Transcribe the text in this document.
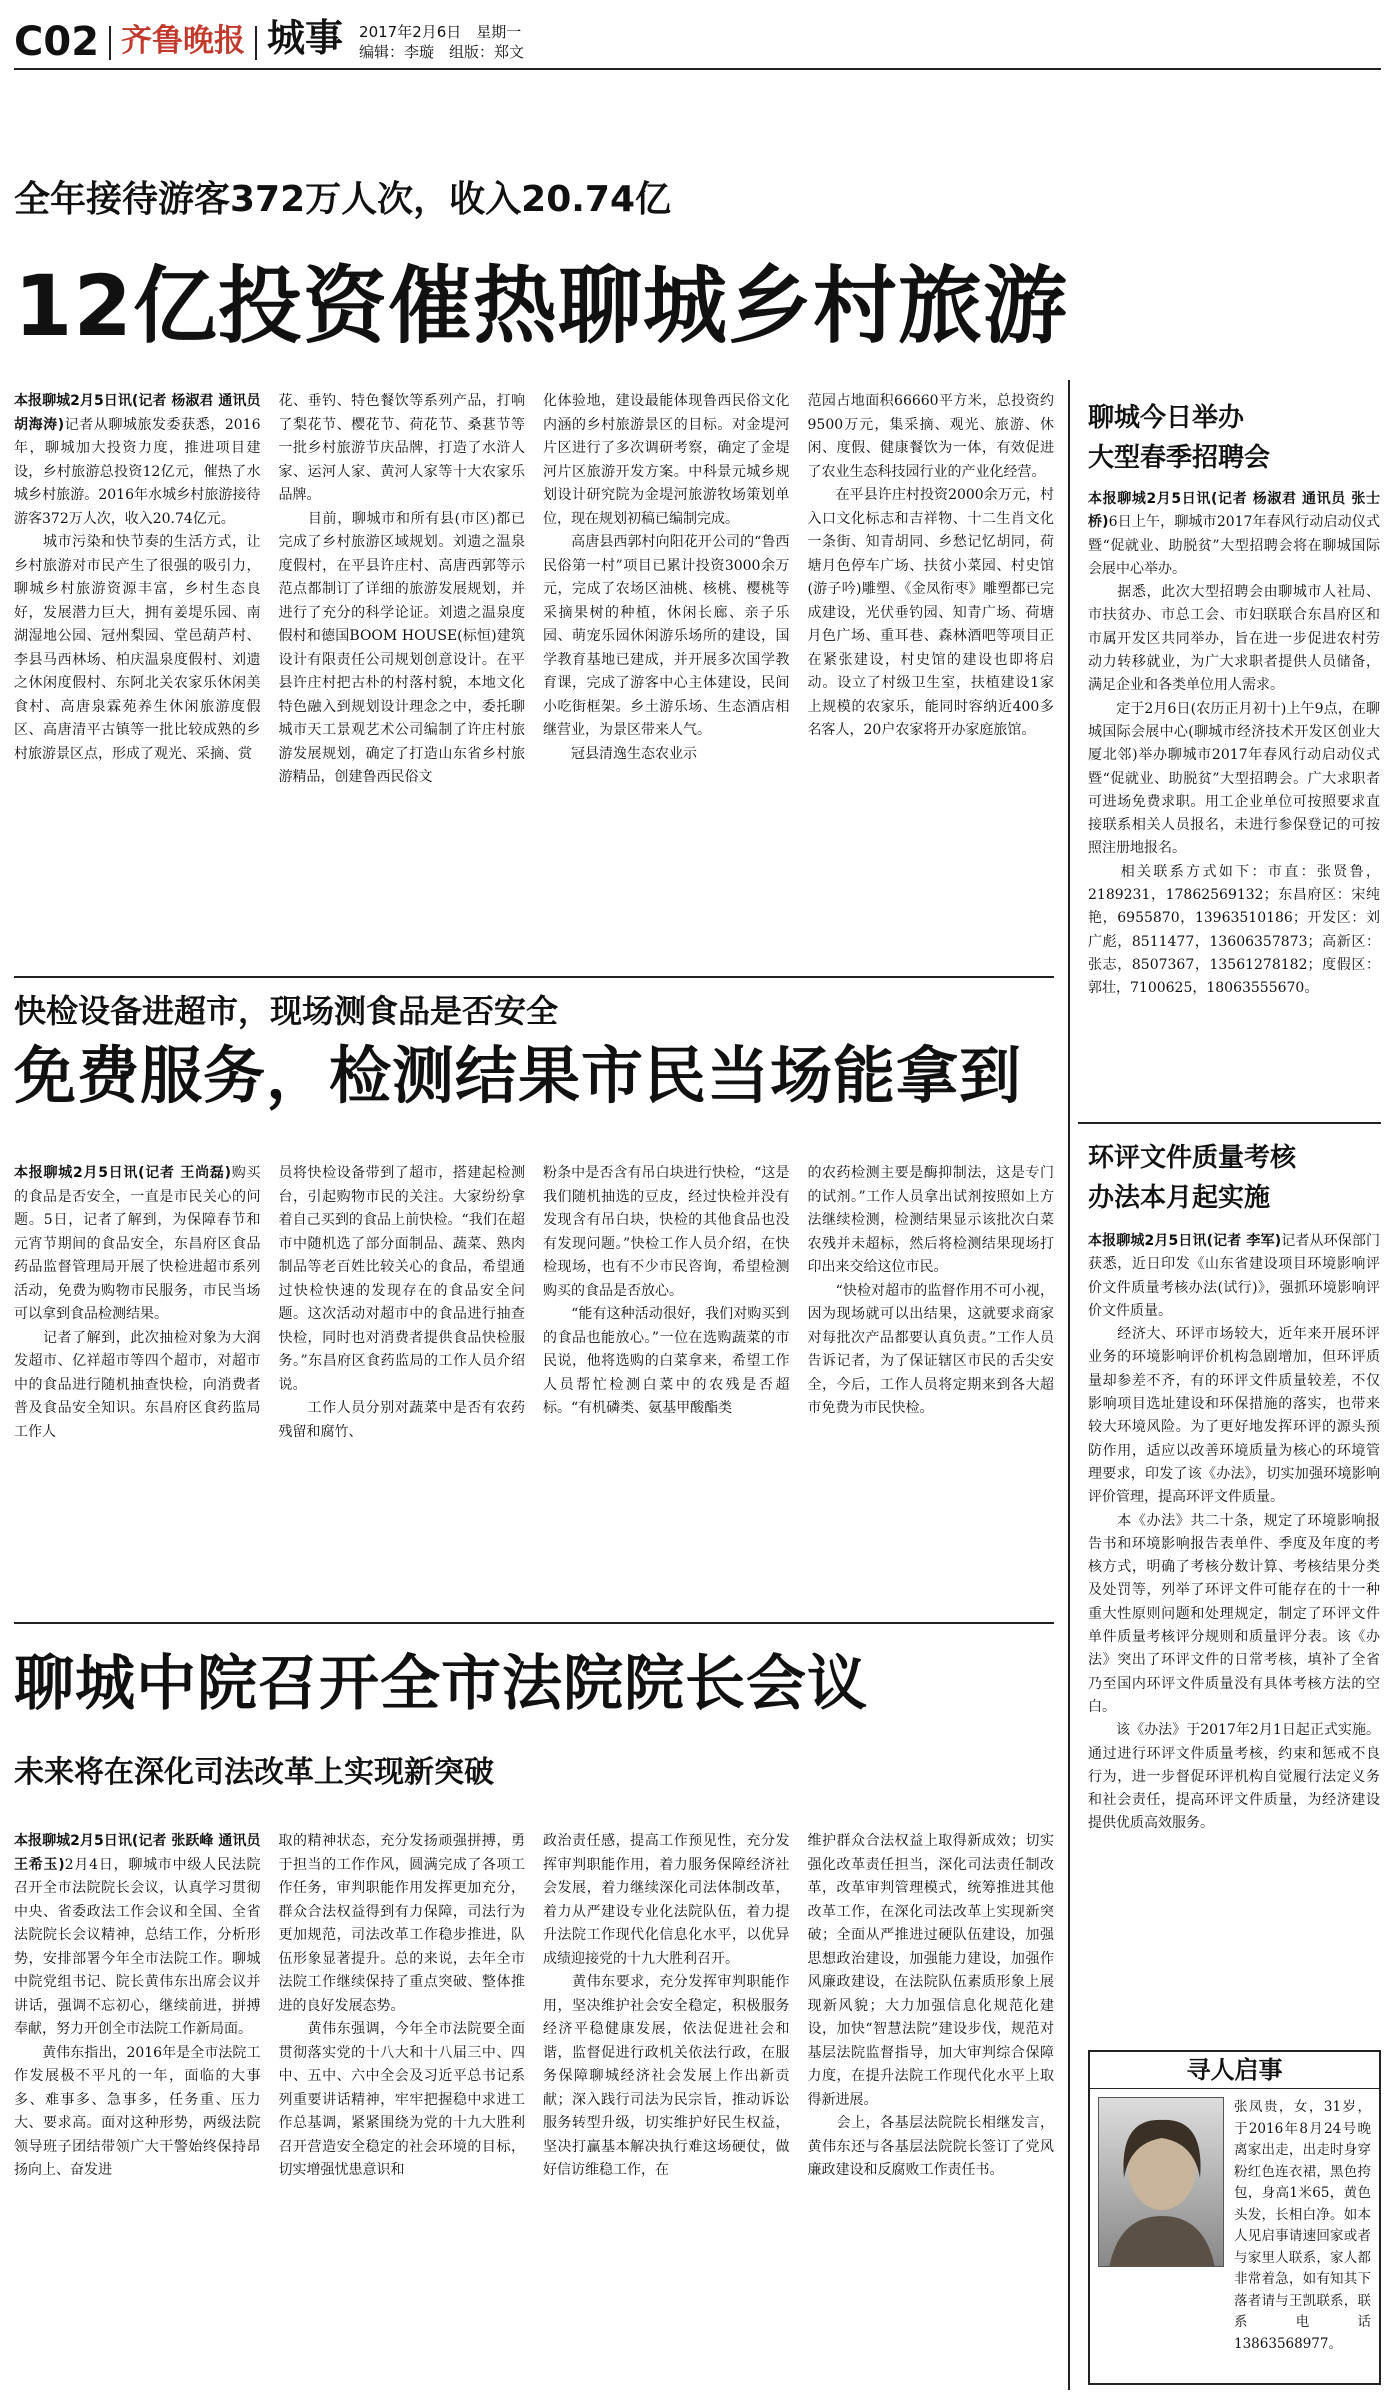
C02 齐鲁晚报 城事 2017年2月6日　星期一
编辑：李璇　组版：郑文
全年接待游客372万人次，收入20.74亿
12亿投资催热聊城乡村旅游
本报聊城2月5日讯(记者 杨淑君 通讯员 胡海涛)记者从聊城旅发委获悉，2016年，聊城加大投资力度，推进项目建设，乡村旅游总投资12亿元，催热了水城乡村旅游。2016年水城乡村旅游接待游客372万人次，收入20.74亿元。
　　城市污染和快节奏的生活方式，让乡村旅游对市民产生了很强的吸引力，聊城乡村旅游资源丰富，乡村生态良好，发展潜力巨大，拥有姜堤乐园、南湖湿地公园、冠州梨园、堂邑葫芦村、李县马西林场、柏庆温泉度假村、刘遗之休闲度假村、东阿北关农家乐休闲美食村、高唐泉霖苑养生休闲旅游度假区、高唐清平古镇等一批比较成熟的乡村旅游景区点，形成了观光、采摘、赏
花、垂钓、特色餐饮等系列产品，打响了梨花节、樱花节、荷花节、桑葚节等一批乡村旅游节庆品牌，打造了水浒人家、运河人家、黄河人家等十大农家乐品牌。
　　目前，聊城市和所有县(市区)都已完成了乡村旅游区域规划。刘遗之温泉度假村，在平县许庄村、高唐西郭等示范点都制订了详细的旅游发展规划，并进行了充分的科学论证。刘遗之温泉度假村和德国BOOM HOUSE(标恒)建筑设计有限责任公司规划创意设计。在平县许庄村把古朴的村落村貌，本地文化特色融入到规划设计理念之中，委托聊城市天工景观艺术公司编制了许庄村旅游发展规划，确定了打造山东省乡村旅游精品，创建鲁西民俗文
化体验地，建设最能体现鲁西民俗文化内涵的乡村旅游景区的目标。对金堤河片区进行了多次调研考察，确定了金堤河片区旅游开发方案。中科景元城乡规划设计研究院为金堤河旅游牧场策划单位，现在规划初稿已编制完成。
　　高唐县西郭村向阳花开公司的“鲁西民俗第一村”项目已累计投资3000余万元，完成了农场区油桃、核桃、樱桃等采摘果树的种植，休闲长廊、亲子乐园、萌宠乐园休闲游乐场所的建设，国学教育基地已建成，并开展多次国学教育课，完成了游客中心主体建设，民间小吃街框架。乡土游乐场、生态酒店相继营业，为景区带来人气。
　　冠县清逸生态农业示
范园占地面积66660平方米，总投资约9500万元，集采摘、观光、旅游、休闲、度假、健康餐饮为一体，有效促进了农业生态科技园行业的产业化经营。
　　在平县许庄村投资2000余万元，村入口文化标志和吉祥物、十二生肖文化一条街、知青胡同、乡愁记忆胡同，荷塘月色停车广场、扶贫小菜园、村史馆(游子吟)雕塑、《金凤衔枣》雕塑都已完成建设，光伏垂钓园、知青广场、荷塘月色广场、重耳巷、森林酒吧等项目正在紧张建设，村史馆的建设也即将启动。设立了村级卫生室，扶植建设1家上规模的农家乐，能同时容纳近400多名客人，20户农家将开办家庭旅馆。
快检设备进超市，现场测食品是否安全
免费服务，检测结果市民当场能拿到
本报聊城2月5日讯(记者 王尚磊)购买的食品是否安全，一直是市民关心的问题。5日，记者了解到，为保障春节和元宵节期间的食品安全，东昌府区食品药品监督管理局开展了快检进超市系列活动，免费为购物市民服务，市民当场可以拿到食品检测结果。
　　记者了解到，此次抽检对象为大润发超市、亿祥超市等四个超市，对超市中的食品进行随机抽查快检，向消费者普及食品安全知识。东昌府区食药监局工作人
员将快检设备带到了超市，搭建起检测台，引起购物市民的关注。大家纷纷拿着自己买到的食品上前快检。“我们在超市中随机选了部分面制品、蔬菜、熟肉制品等老百姓比较关心的食品，希望通过快检快速的发现存在的食品安全问题。这次活动对超市中的食品进行抽查快检，同时也对消费者提供食品快检服务。”东昌府区食药监局的工作人员介绍说。
　　工作人员分别对蔬菜中是否有农药残留和腐竹、
粉条中是否含有吊白块进行快检，“这是我们随机抽选的豆皮，经过快检并没有发现含有吊白块，快检的其他食品也没有发现问题。”快检工作人员介绍，在快检现场，也有不少市民咨询，希望检测购买的食品是否放心。
　　“能有这种活动很好，我们对购买到的食品也能放心。”一位在选购蔬菜的市民说，他将选购的白菜拿来，希望工作人员帮忙检测白菜中的农残是否超标。“有机磷类、氨基甲酸酯类
的农药检测主要是酶抑制法，这是专门的试剂。”工作人员拿出试剂按照如上方法继续检测，检测结果显示该批次白菜农残并未超标，然后将检测结果现场打印出来交给这位市民。
　　“快检对超市的监督作用不可小视，因为现场就可以出结果，这就要求商家对每批次产品都要认真负责。”工作人员告诉记者，为了保证辖区市民的舌尖安全，今后，工作人员将定期来到各大超市免费为市民快检。
聊城中院召开全市法院院长会议
未来将在深化司法改革上实现新突破
本报聊城2月5日讯(记者 张跃峰 通讯员 王希玉)2月4日，聊城市中级人民法院召开全市法院院长会议，认真学习贯彻中央、省委政法工作会议和全国、全省法院院长会议精神，总结工作，分析形势，安排部署今年全市法院工作。聊城中院党组书记、院长黄伟东出席会议并讲话，强调不忘初心，继续前进，拼搏奉献，努力开创全市法院工作新局面。
　　黄伟东指出，2016年是全市法院工作发展极不平凡的一年，面临的大事多、难事多、急事多，任务重、压力大、要求高。面对这种形势，两级法院领导班子团结带领广大干警始终保持昂扬向上、奋发进
取的精神状态，充分发扬顽强拼搏，勇于担当的工作作风，圆满完成了各项工作任务，审判职能作用发挥更加充分，群众合法权益得到有力保障，司法行为更加规范，司法改革工作稳步推进，队伍形象显著提升。总的来说，去年全市法院工作继续保持了重点突破、整体推进的良好发展态势。
　　黄伟东强调，今年全市法院要全面贯彻落实党的十八大和十八届三中、四中、五中、六中全会及习近平总书记系列重要讲话精神，牢牢把握稳中求进工作总基调，紧紧围绕为党的十九大胜利召开营造安全稳定的社会环境的目标，切实增强忧患意识和
政治责任感，提高工作预见性，充分发挥审判职能作用，着力服务保障经济社会发展，着力继续深化司法体制改革，着力从严建设专业化法院队伍，着力提升法院工作现代化信息化水平，以优异成绩迎接党的十九大胜利召开。
　　黄伟东要求，充分发挥审判职能作用，坚决维护社会安全稳定，积极服务经济平稳健康发展，依法促进社会和谐，监督促进行政机关依法行政，在服务保障聊城经济社会发展上作出新贡献；深入践行司法为民宗旨，推动诉讼服务转型升级，切实维护好民生权益，坚决打赢基本解决执行难这场硬仗，做好信访维稳工作，在
维护群众合法权益上取得新成效；切实强化改革责任担当，深化司法责任制改革，改革审判管理模式，统筹推进其他改革工作，在深化司法改革上实现新突破；全面从严推进过硬队伍建设，加强思想政治建设，加强能力建设，加强作风廉政建设，在法院队伍素质形象上展现新风貌；大力加强信息化规范化建设，加快“智慧法院”建设步伐，规范对基层法院监督指导，加大审判综合保障力度，在提升法院工作现代化水平上取得新进展。
　　会上，各基层法院院长相继发言，黄伟东还与各基层法院院长签订了党风廉政建设和反腐败工作责任书。
聊城今日举办
大型春季招聘会
本报聊城2月5日讯(记者 杨淑君 通讯员 张士桥)6日上午，聊城市2017年春风行动启动仪式暨“促就业、助脱贫”大型招聘会将在聊城国际会展中心举办。
　　据悉，此次大型招聘会由聊城市人社局、市扶贫办、市总工会、市妇联联合东昌府区和市属开发区共同举办，旨在进一步促进农村劳动力转移就业，为广大求职者提供人员储备，满足企业和各类单位用人需求。
　　定于2月6日(农历正月初十)上午9点，在聊城国际会展中心(聊城市经济技术开发区创业大厦北邻)举办聊城市2017年春风行动启动仪式暨“促就业、助脱贫”大型招聘会。广大求职者可进场免费求职。用工企业单位可按照要求直接联系相关人员报名，未进行参保登记的可按照注册地报名。
　　相关联系方式如下：市直：张贤鲁，2189231，17862569132；东昌府区：宋纯艳，6955870，13963510186；开发区：刘广彪，8511477，13606357873；高新区：张志，8507367，13561278182；度假区：郭壮，7100625，18063555670。
环评文件质量考核
办法本月起实施
本报聊城2月5日讯(记者 李军)记者从环保部门获悉，近日印发《山东省建设项目环境影响评价文件质量考核办法(试行)》，强抓环境影响评价文件质量。
　　经济大、环评市场较大，近年来开展环评业务的环境影响评价机构急剧增加，但环评质量却参差不齐，有的环评文件质量较差，不仅影响项目选址建设和环保措施的落实，也带来较大环境风险。为了更好地发挥环评的源头预防作用，适应以改善环境质量为核心的环境管理要求，印发了该《办法》，切实加强环境影响评价管理，提高环评文件质量。
　　本《办法》共二十条，规定了环境影响报告书和环境影响报告表单件、季度及年度的考核方式，明确了考核分数计算、考核结果分类及处罚等，列举了环评文件可能存在的十一种重大性原则问题和处理规定，制定了环评文件单件质量考核评分规则和质量评分表。该《办法》突出了环评文件的日常考核，填补了全省乃至国内环评文件质量没有具体考核方法的空白。
　　该《办法》于2017年2月1日起正式实施。通过进行环评文件质量考核，约束和惩戒不良行为，进一步督促环评机构自觉履行法定义务和社会责任，提高环评文件质量，为经济建设提供优质高效服务。
寻人启事
张凤贵，女，31岁，于2016年8月24号晚离家出走，出走时身穿粉红色连衣裙，黑色挎包，身高1米65，黄色头发，长相白净。如本人见启事请速回家或者与家里人联系，家人都非常着急，如有知其下落者请与王凯联系，联系电话13863568977。
